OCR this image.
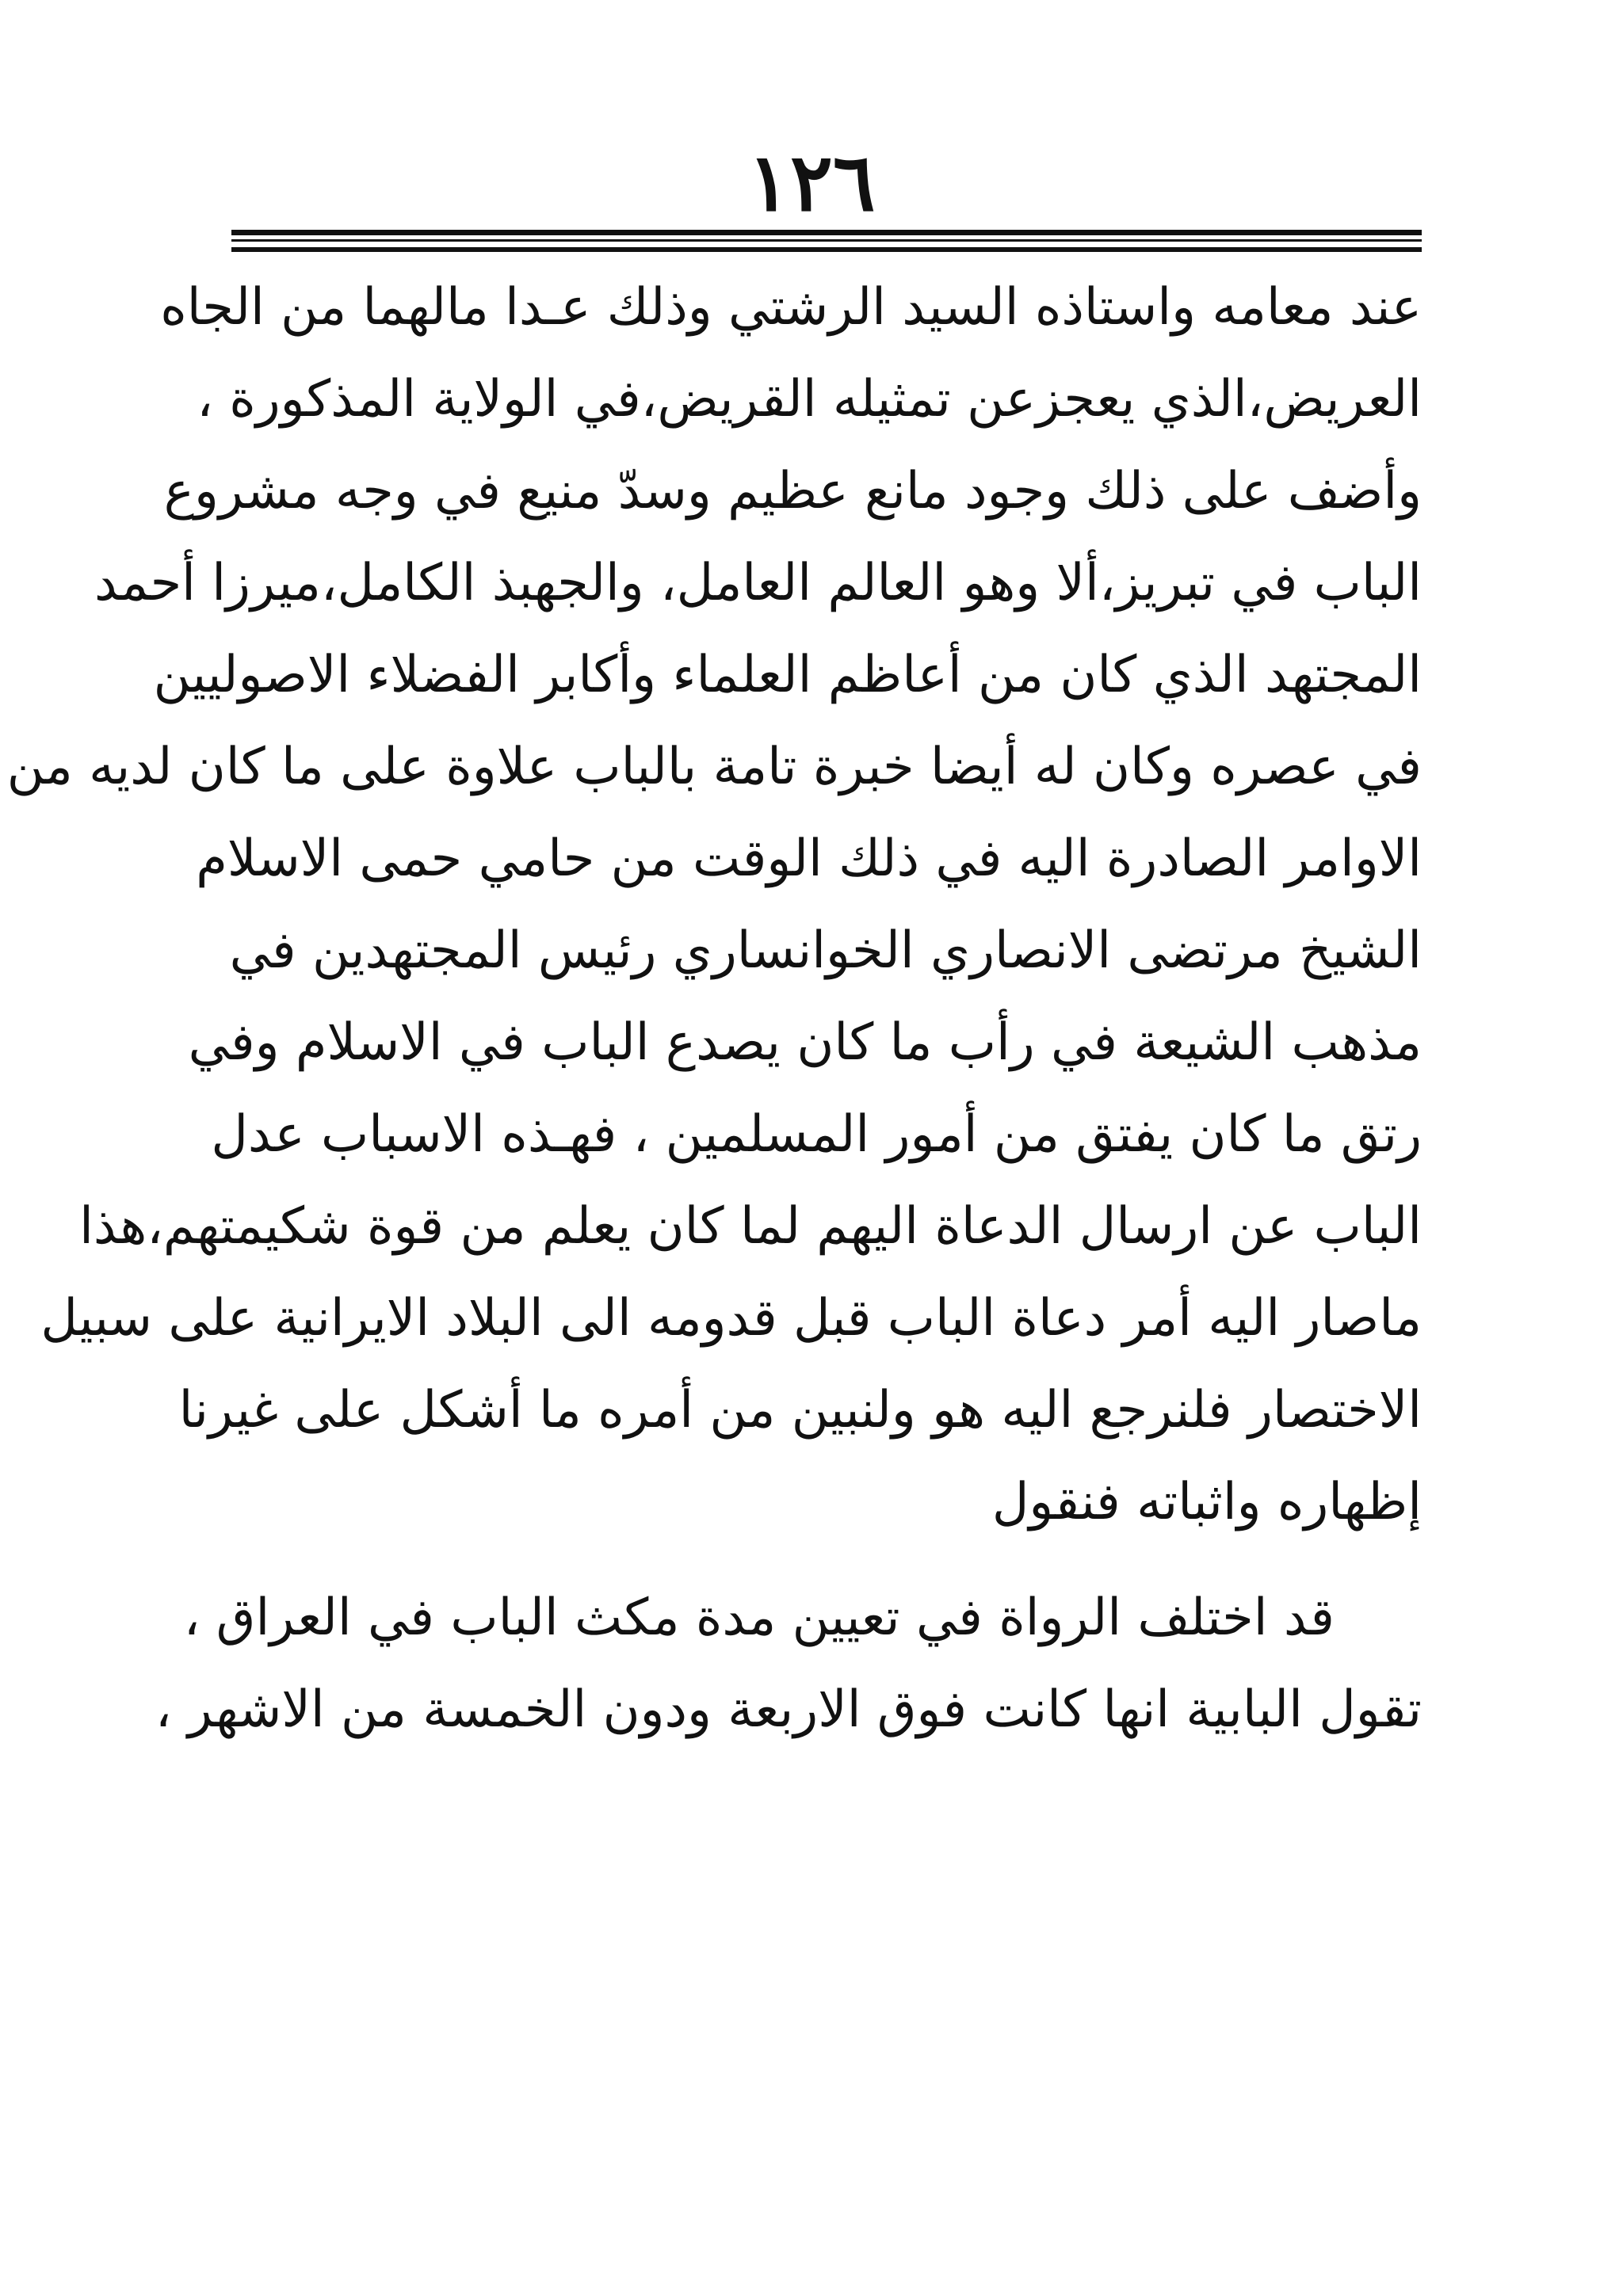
١٢٦
عند معامه واستاذه السيد الرشتي وذلك عـدا مالهما من الجاه
العريض،الذي يعجزعن تمثيله القريض،في الولاية المذكورة ،
وأضف على ذلك وجود مانع عظيم وسدّ منيع في وجه مشروع
الباب في تبريز،ألا وهو العالم العامل، والجهبذ الكامل،ميرزا أحمد
المجتهد الذي كان من أعاظم العلماء وأكابر الفضلاء الاصوليين
في عصره وكان له أيضا خبرة تامة بالباب علاوة على ما كان لديه من
الاوامر الصادرة اليه في ذلك الوقت من حامي حمى الاسلام
الشيخ مرتضى الانصاري الخوانساري رئيس المجتهدين في
مذهب الشيعة في رأب ما كان يصدع الباب في الاسلام وفي
رتق ما كان يفتق من أمور المسلمين ، فهـذه الاسباب عدل
الباب عن ارسال الدعاة اليهم لما كان يعلم من قوة شكيمتهم،هذا
ماصار اليه أمر دعاة الباب قبل قدومه الى البلاد الايرانية على سبيل
الاختصار فلنرجع اليه هو ولنبين من أمره ما أشكل على غيرنا
إظهاره واثباته فنقول
قد اختلف الرواة في تعيين مدة مكث الباب في العراق ،
تقول البابية انها كانت فوق الاربعة ودون الخمسة من الاشهر ،
